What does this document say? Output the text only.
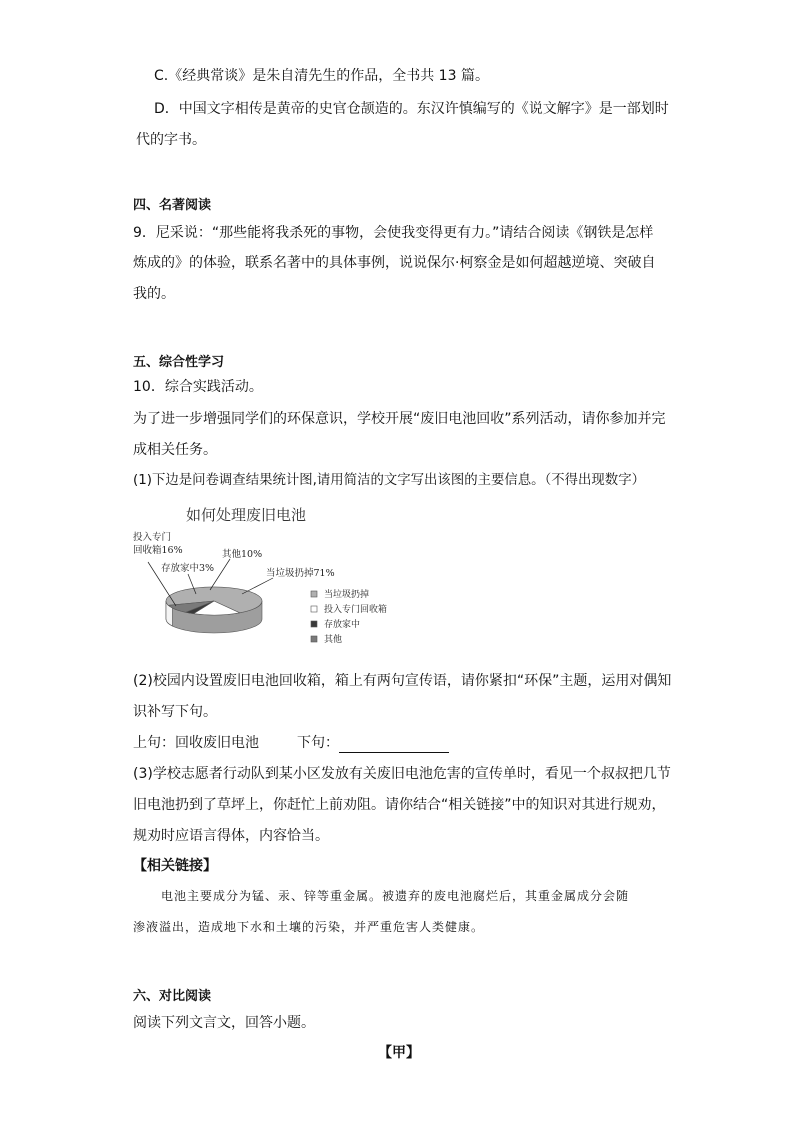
C.《经典常谈》是朱自清先生的作品，全书共 13 篇。
D．中国文字相传是黄帝的史官仓颉造的。东汉许慎编写的《说文解字》是一部划时
代的字书。
四、名著阅读
9．尼采说：“那些能将我杀死的事物，会使我变得更有力。”请结合阅读《钢铁是怎样
炼成的》的体验，联系名著中的具体事例，说说保尔·柯察金是如何超越逆境、突破自
我的。
五、综合性学习
10．综合实践活动。
为了进一步增强同学们的环保意识，学校开展“废旧电池回收”系列活动，请你参加并完
成相关任务。
(1)下边是问卷调查结果统计图,请用简洁的文字写出该图的主要信息。（不得出现数字）
如何处理废旧电池
当垃圾扔掉71%
投入专门
回收箱16%
存放家中3%
其他10%
当垃圾扔掉
投入专门回收箱
存放家中
其他
(2)校园内设置废旧电池回收箱，箱上有两句宣传语，请你紧扣“环保”主题，运用对偶知
识补写下句。
上句：回收废旧电池	下句：
(3)学校志愿者行动队到某小区发放有关废旧电池危害的宣传单时，看见一个叔叔把几节
旧电池扔到了草坪上，你赶忙上前劝阻。请你结合“相关链接”中的知识对其进行规劝，
规劝时应语言得体，内容恰当。
【相关链接】
电池主要成分为锰、汞、锌等重金属。被遗弃的废电池腐烂后，其重金属成分会随
渗液溢出，造成地下水和土壤的污染，并严重危害人类健康。
六、对比阅读
阅读下列文言文，回答小题。
【甲】
